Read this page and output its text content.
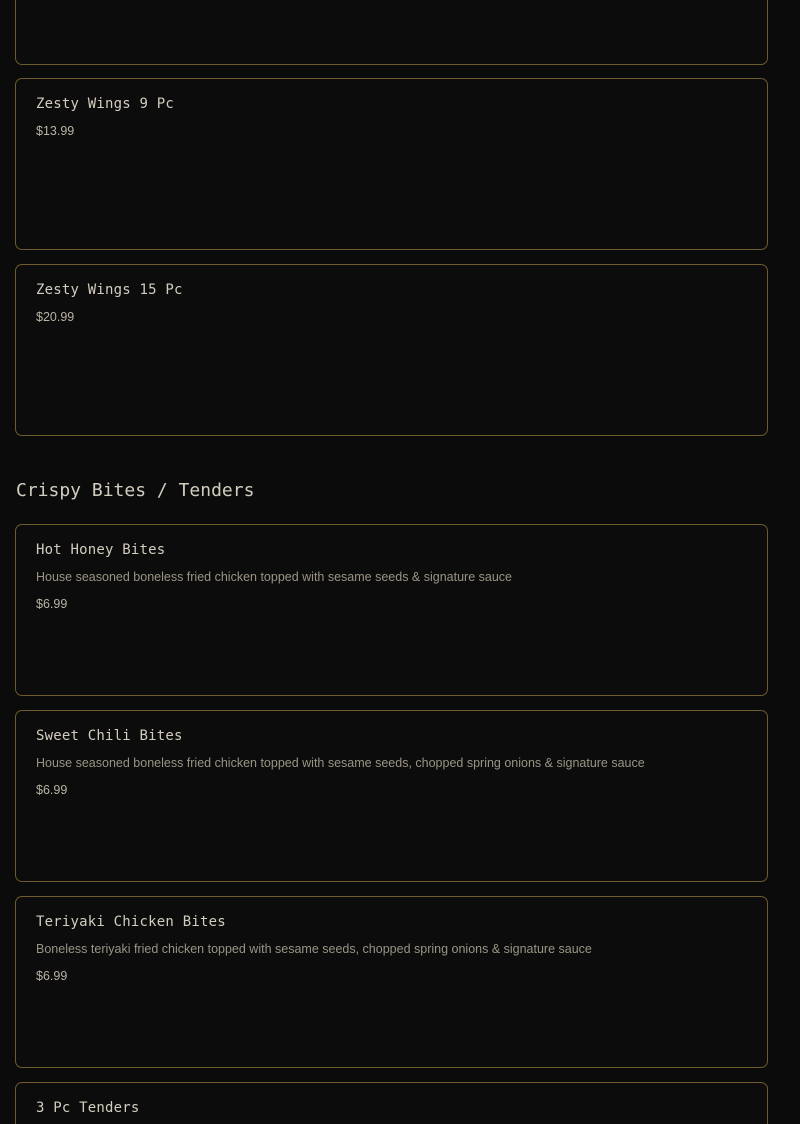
Zesty Wings 9 Pc
$13.99
Zesty Wings 15 Pc
$20.99
Crispy Bites / Tenders
Hot Honey Bites
House seasoned boneless fried chicken topped with sesame seeds & signature sauce
$6.99
Sweet Chili Bites
House seasoned boneless fried chicken topped with sesame seeds, chopped spring onions & signature sauce
$6.99
Teriyaki Chicken Bites
Boneless teriyaki fried chicken topped with sesame seeds, chopped spring onions & signature sauce
$6.99
3 Pc Tenders
